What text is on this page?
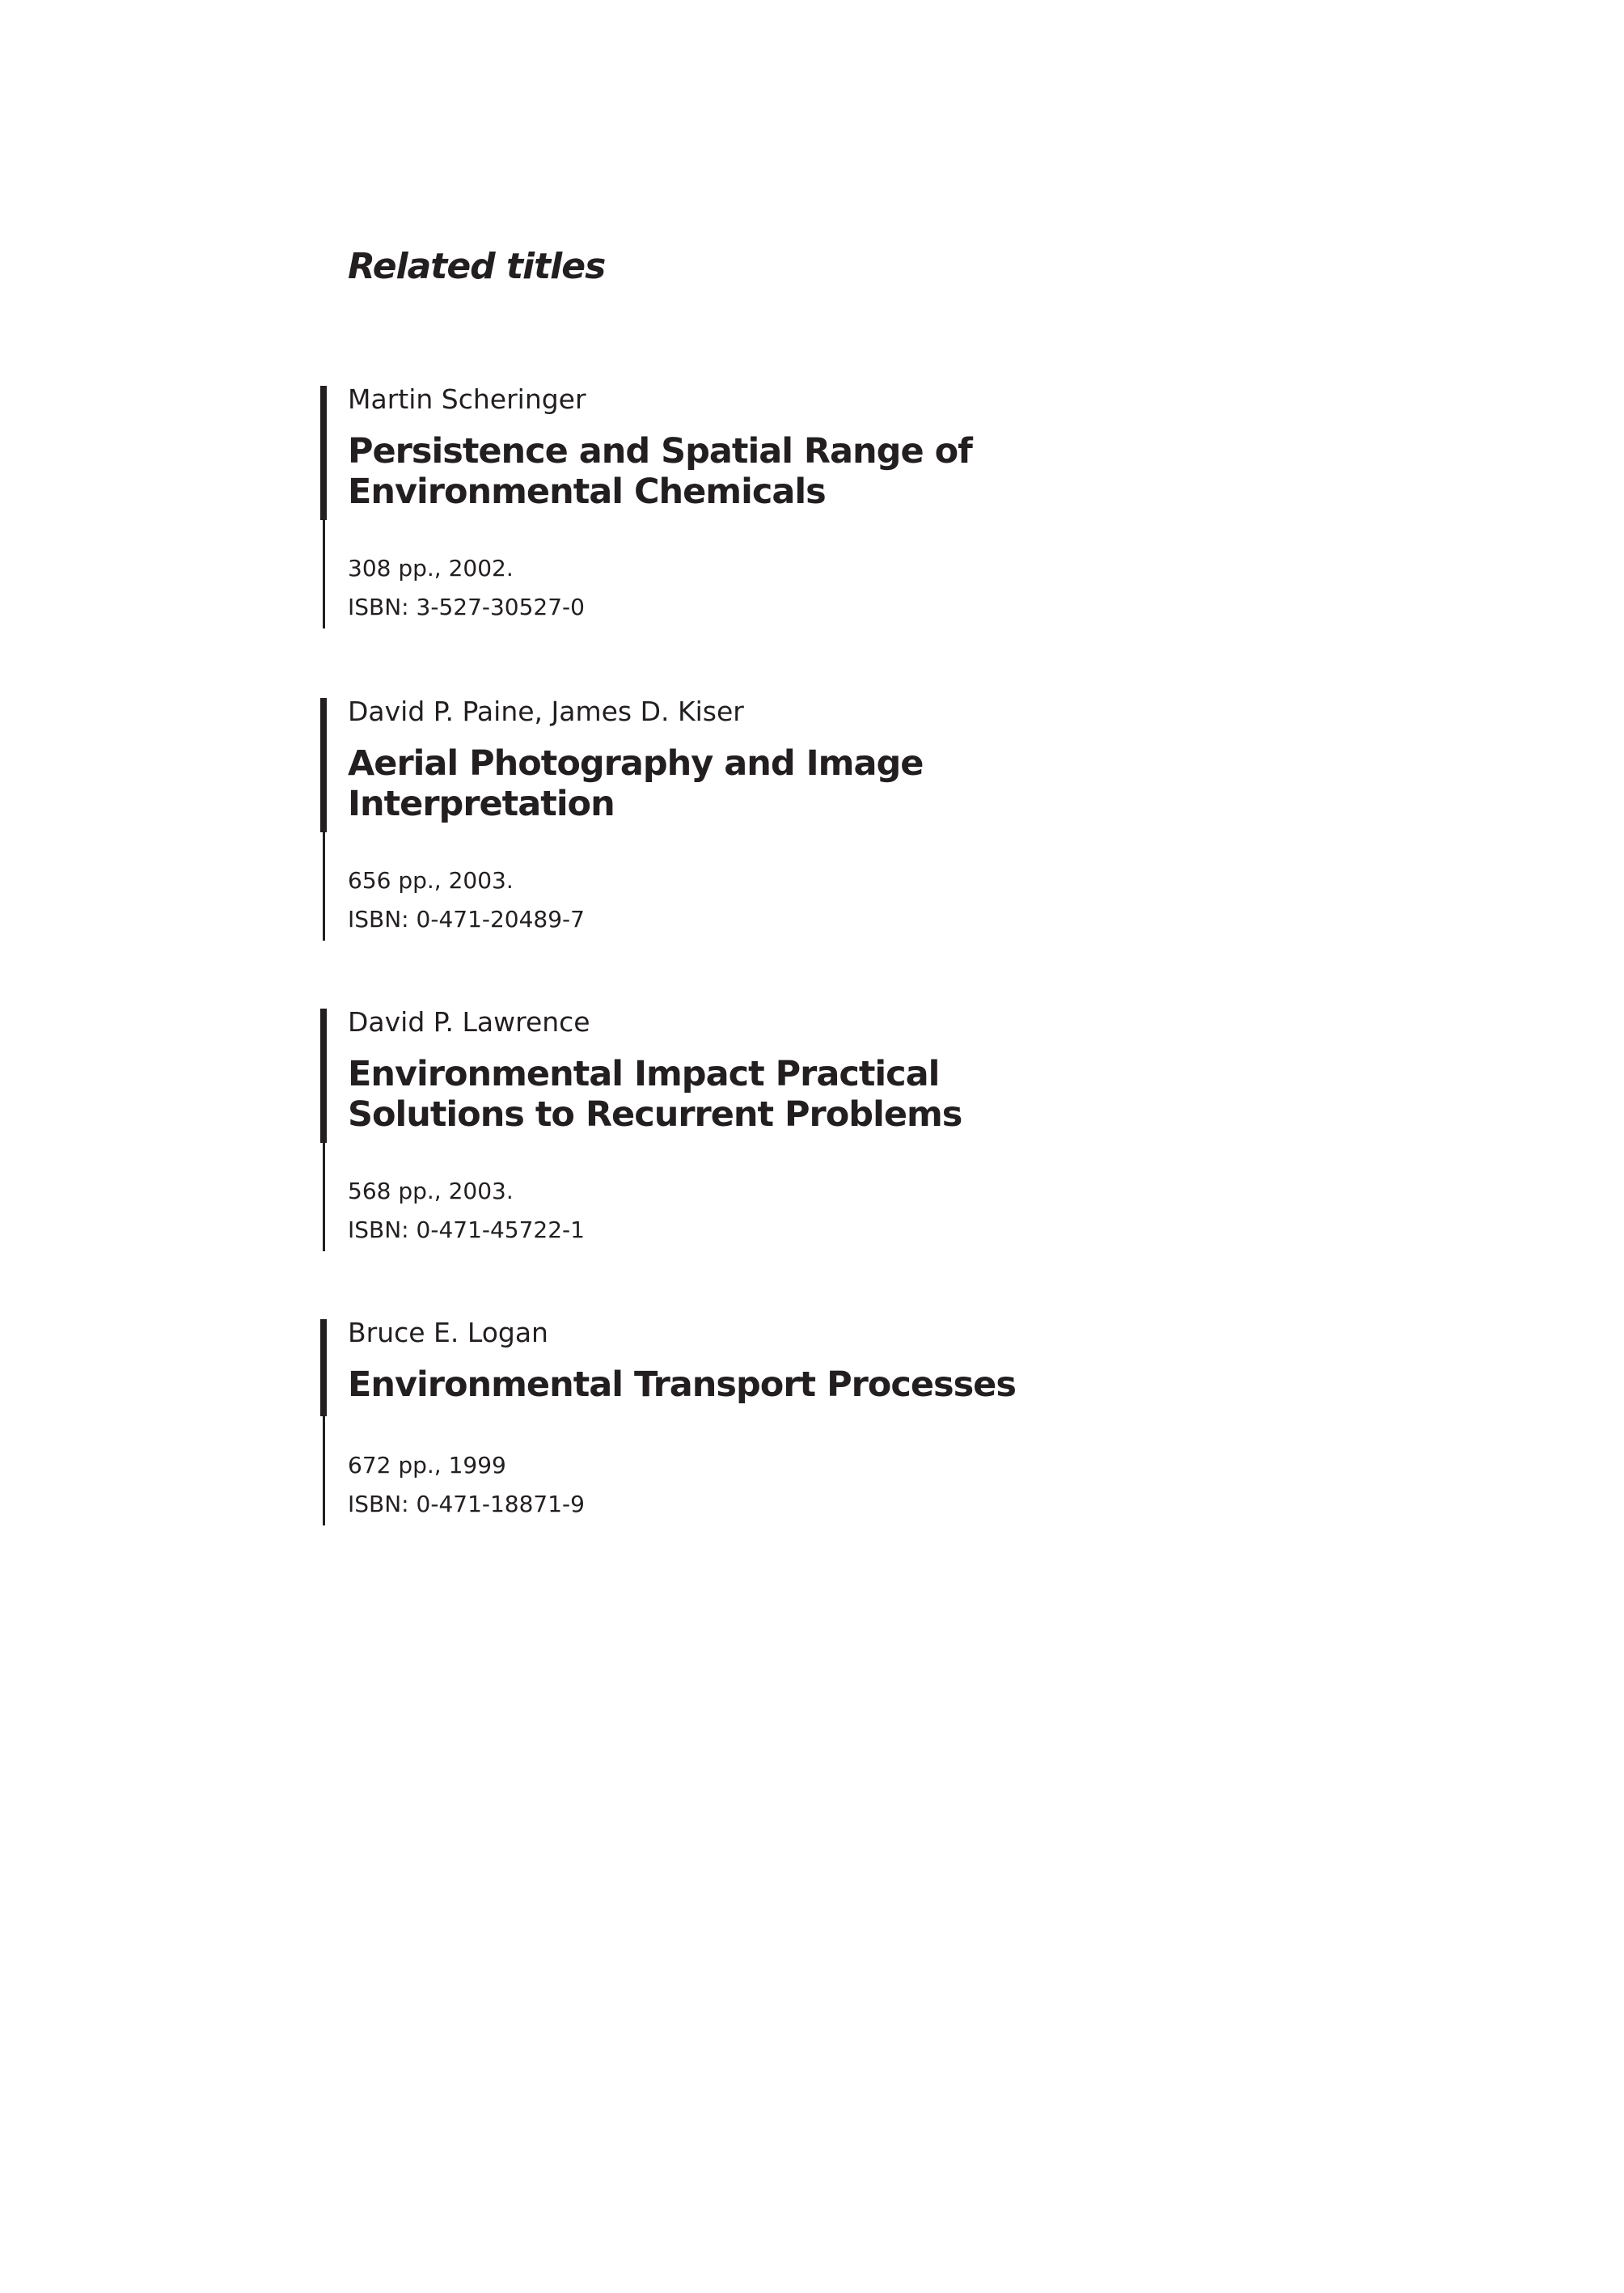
Related titles

Martin Scheringer

Persistence and Spatial Range of
Environmental Chemicals

308 pp., 2002.

ISBN: 3-527-30527-0

David P. Paine, James D. Kiser

Aerial Photography and Image
Interpretation

656 pp., 2003.

ISBN: 0-471-20489-7

David P. Lawrence

Environmental Impact Practical
Solutions to Recurrent Problems

568 pp., 2003.

ISBN: 0-471-45722-1

Bruce E. Logan

Environmental Transport Processes

672 pp., 1999

ISBN: 0-471-18871-9
